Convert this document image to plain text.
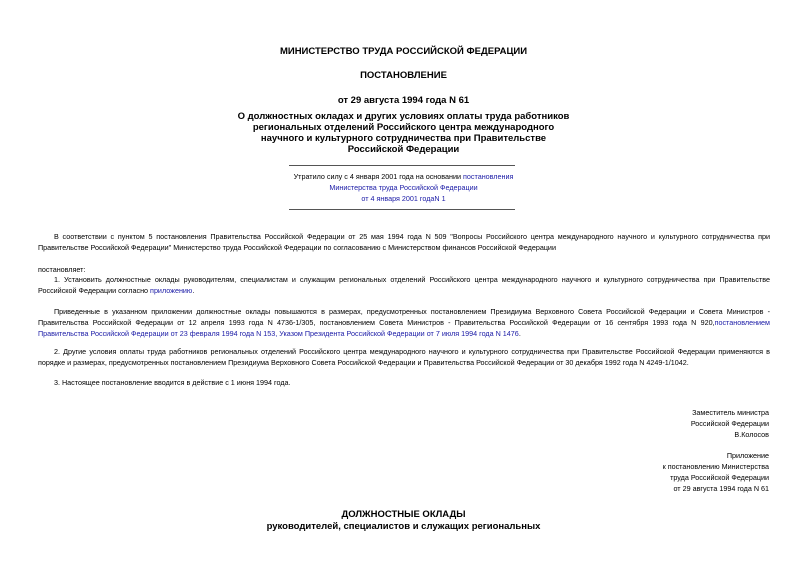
МИНИСТЕРСТВО ТРУДА РОССИЙСКОЙ ФЕДЕРАЦИИ
ПОСТАНОВЛЕНИЕ
от 29 августа 1994 года N 61
О должностных окладах и других условиях оплаты труда работников
региональных отделений Российского центра международного
научного и культурного сотрудничества при Правительстве
Российской Федерации
Утратило силу с 4 января 2001 года на основании постановления
Министерства труда Российской Федерации
от 4 января 2001 годаN 1
В соответствии с пунктом 5 постановления Правительства Российской Федерации от 25 мая 1994 года N 509 "Вопросы Российского центра международного научного и культурного сотрудничества при Правительстве Российской Федерации" Министерство труда Российской Федерации по согласованию с Министерством финансов Российской Федерации
постановляет:
1. Установить должностные оклады руководителям, специалистам и служащим региональных отделений Российского центра международного научного и культурного сотрудничества при Правительстве Российской Федерации согласно приложению.
Приведенные в указанном приложении должностные оклады повышаются в размерах, предусмотренных постановлением Президиума Верховного Совета Российской Федерации и Совета Министров - Правительства Российской Федерации от 12 апреля 1993 года N 4736-1/305, постановлением Совета Министров - Правительства Российской Федерации от 16 сентября 1993 года N 920,постановлением Правительства Российской Федерации от 23 февраля 1994 года N 153, Указом Президента Российской Федерации от 7 июля 1994 года N 1476.
2. Другие условия оплаты труда работников региональных отделений Российского центра международного научного и культурного сотрудничества при Правительстве Российской Федерации применяются в порядке и размерах, предусмотренных постановлением Президиума Верховного Совета Российской Федерации и Правительства Российской Федерации от 30 декабря 1992 года N 4249-1/1042.
3. Настоящее постановление вводится в действие с 1 июня 1994 года.
Заместитель министра
Российской Федерации
В.Колосов
Приложение
к постановлению Министерства
труда Российской Федерации
от 29 августа 1994 года N 61
ДОЛЖНОСТНЫЕ ОКЛАДЫ
руководителей, специалистов и служащих региональных
